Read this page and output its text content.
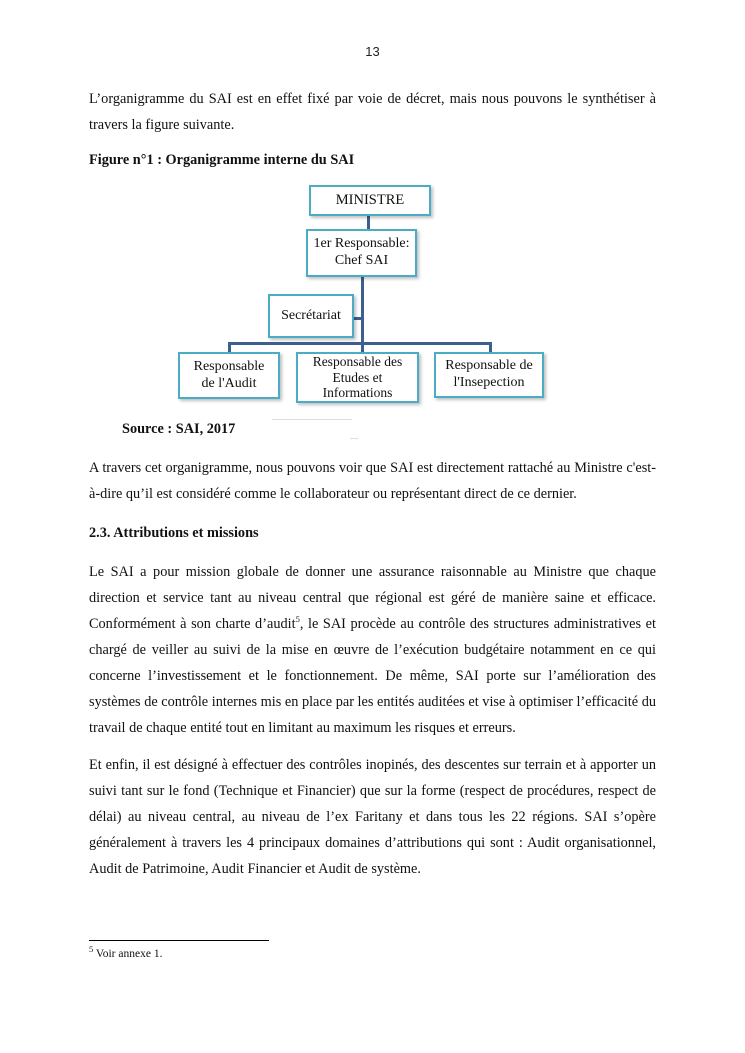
13

L’organigramme du SAI est en effet fixé par voie de décret, mais nous pouvons le synthétiser à travers la figure suivante.

Figure n°1 : Organigramme interne du SAI

MINISTRE
1er Responsable:
Chef SAI
Secrétariat
Responsable
de l'Audit
Responsable des
Etudes et
Informations
Responsable de
l'Insepection
Source : SAI, 2017

A travers cet organigramme, nous pouvons voir que SAI est directement rattaché au Ministre c'est-à-dire qu’il est considéré comme le collaborateur ou représentant direct de ce dernier.

2.3. Attributions et missions

Le SAI a pour mission globale de donner une assurance raisonnable au Ministre que chaque direction et service tant au niveau central que régional est géré de manière saine et efficace. Conformément à son charte d’audit$^5$, le SAI procède au contrôle des structures administratives et chargé de veiller au suivi de la mise en œuvre de l’exécution budgétaire notamment en ce qui concerne l’investissement et le fonctionnement. De même, SAI porte sur l’amélioration des systèmes de contrôle internes mis en place par les entités auditées et vise à optimiser l’efficacité du travail de chaque entité tout en limitant au maximum les risques et erreurs.

Et enfin, il est désigné à effectuer des contrôles inopinés, des descentes sur terrain et à apporter un suivi tant sur le fond (Technique et Financier) que sur la forme (respect de procédures, respect de délai) au niveau central, au niveau de l’ex Faritany et dans tous les 22 régions. SAI s’opère généralement à travers les 4 principaux domaines d’attributions qui sont : Audit organisationnel, Audit de Patrimoine, Audit Financier et Audit de système.

$^5$ Voir annexe 1.
